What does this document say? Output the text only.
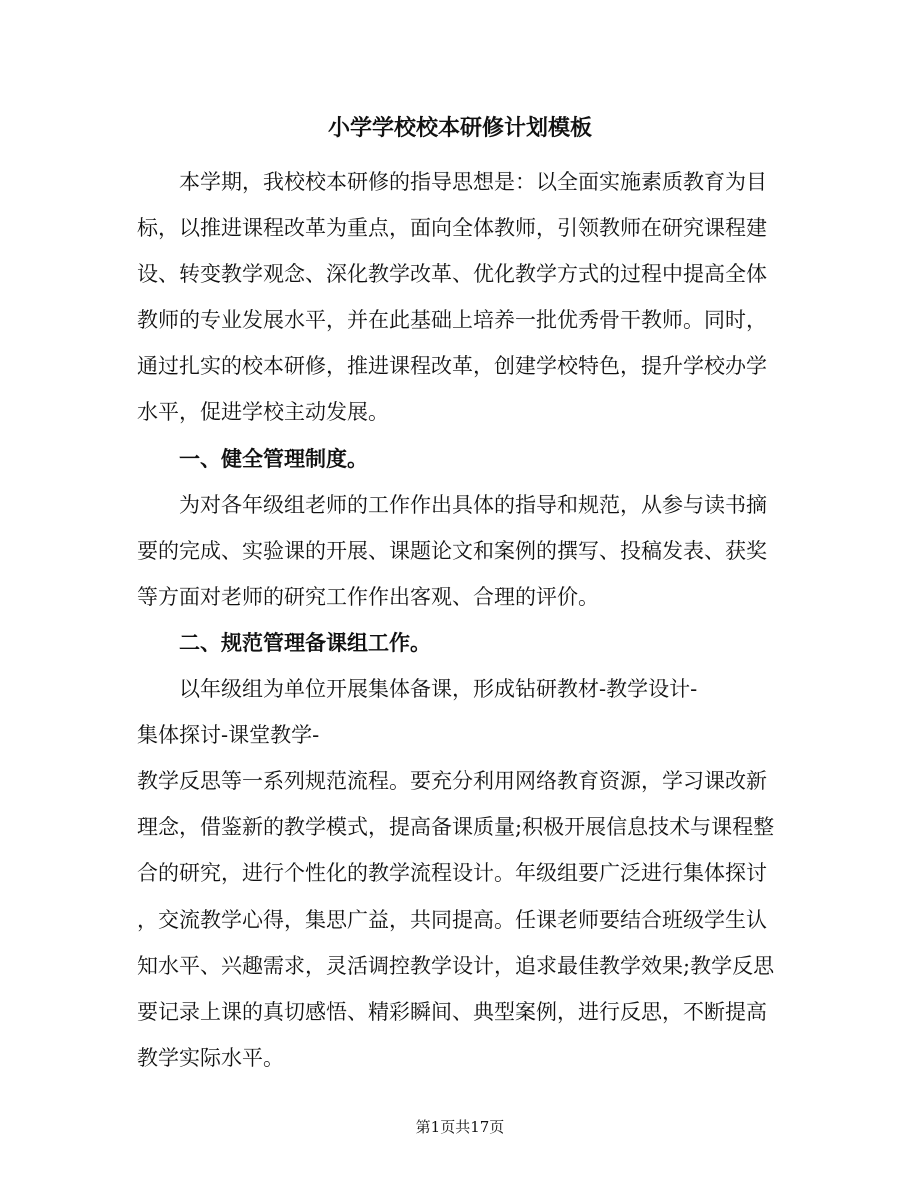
小学学校校本研修计划模板
本学期，我校校本研修的指导思想是：以全面实施素质教育为目
标，以推进课程改革为重点，面向全体教师，引领教师在研究课程建
设、转变教学观念、深化教学改革、优化教学方式的过程中提高全体
教师的专业发展水平，并在此基础上培养一批优秀骨干教师。同时，
通过扎实的校本研修，推进课程改革，创建学校特色，提升学校办学
水平，促进学校主动发展。
一、健全管理制度。
为对各年级组老师的工作作出具体的指导和规范，从参与读书摘
要的完成、实验课的开展、课题论文和案例的撰写、投稿发表、获奖
等方面对老师的研究工作作出客观、合理的评价。
二、规范管理备课组工作。
以年级组为单位开展集体备课，形成钻研教材-教学设计-
集体探讨-课堂教学-
教学反思等一系列规范流程。要充分利用网络教育资源，学习课改新
理念，借鉴新的教学模式，提高备课质量;积极开展信息技术与课程整
合的研究，进行个性化的教学流程设计。年级组要广泛进行集体探讨
，交流教学心得，集思广益，共同提高。任课老师要结合班级学生认
知水平、兴趣需求，灵活调控教学设计，追求最佳教学效果;教学反思
要记录上课的真切感悟、精彩瞬间、典型案例，进行反思，不断提高
教学实际水平。
第1页共17页
